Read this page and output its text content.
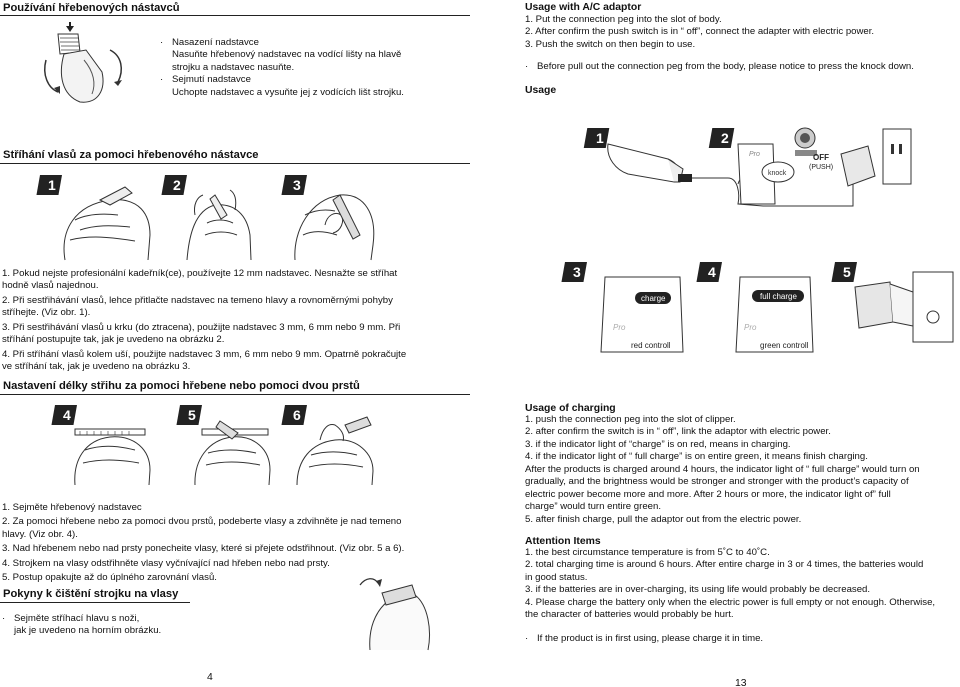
Používání hřebenových nástavců
· Nasazení nadstavce
Nasuňte hřebenový nadstavec na vodící lišty na hlavě
strojku a nadstavec nasuňte.
· Sejmutí nadstavce
Uchopte nadstavec a vysuňte jej z vodících lišt strojku.
Stříhání vlasů za pomoci hřebenového nástavce
1	2	3
1. Pokud nejste profesionální kadeřník(ce), používejte 12 mm nadstavec. Nesnažte se stříhat
hodně vlasů najednou.
2. Při sestřihávání vlasů, lehce přitlačte nadstavec na temeno hlavy a rovnoměrnými pohyby
stříhejte. (Viz obr. 1).
3. Při sestřihávání vlasů u krku (do ztracena), použijte nadstavec 3 mm, 6 mm nebo 9 mm. Při
stříhání postupujte tak, jak je uvedeno na obrázku 2.
4. Při stříhání vlasů kolem uší, použijte nadstavec 3 mm, 6 mm nebo 9 mm. Opatrně pokračujte
ve stříhání tak, jak je uvedeno na obrázku 3.
Nastavení délky střihu za pomoci hřebene nebo pomoci dvou prstů
4	5	6
1. Sejměte hřebenový nadstavec
2. Za pomoci hřebene nebo za pomoci dvou prstů, podeberte vlasy a zdvihněte je nad temeno
hlavy. (Viz obr. 4).
3. Nad hřebenem nebo nad prsty ponecheite vlasy, které si přejete odstřihnout. (Viz obr. 5 a 6).
4. Strojkem na vlasy odstřihněte vlasy vyčnívající nad hřeben nebo nad prsty.
5. Postup opakujte až do úplného zarovnání vlasů.
Pokyny k čištění strojku na vlasy
· Sejměte stříhací hlavu s noži,
jak je uvedeno na horním obrázku.
4
Usage with A/C adaptor
1. Put the connection peg into the slot of body.
2. After confirm the push switch is in “ off”, connect the adapter with electric power.
3. Push the switch on then begin to use.
· Before pull out the connection peg from the body, please notice to press the knock down.
Usage
1	2
Pro
knock
OFF
(PUSH)
3
Pro
charge
red controll
4
Pro
full charge
green controll
5
Usage of charging
1. push the connection peg into the slot of clipper.
2. after confirm the switch is in “ off”, link the adaptor with electric power.
3. if the indicator light of “charge” is on red, means in charging.
4. if the indicator light of “ full charge” is on entire green, it means finish charging.
After the products is charged around 4 hours, the indicator light of “ full charge” would turn on
gradually, and the brightness would be stronger and stronger with the product’s capacity of
electric power become more and more. After 2 hours or more, the indicator light of” full
charge” would turn entire green.
5. after finish charge, pull the adaptor out from the electric power.
Attention Items
1. the best circumstance temperature is from 5˚C to 40˚C.
2. total charging time is around 6 hours. After entire charge in 3 or 4 times, the batteries would
in good status.
3. if the batteries are in over-charging, its using life would probably be decreased.
4. Please charge the battery only when the electric power is full empty or not enough. Otherwise,
the character of batteries would probably be hurt.
· If the product is in first using, please charge it in time.
13
